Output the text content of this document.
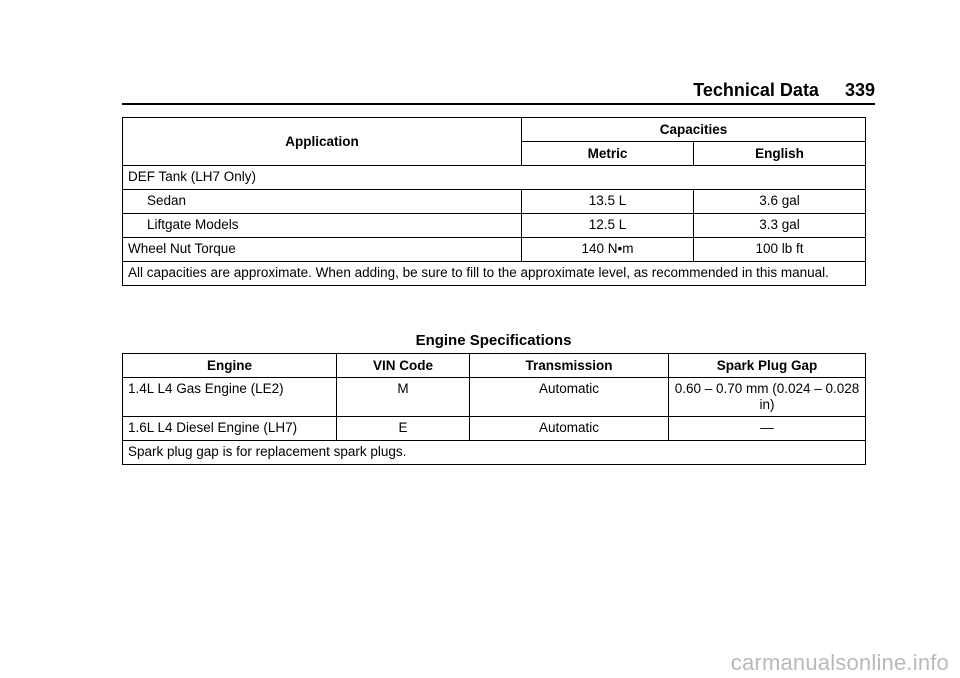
Technical Data 339
Application	Capacities	
	Metric	English
DEF Tank (LH7 Only)		
Sedan	13.5 L	3.6 gal
Liftgate Models	12.5 L	3.3 gal
Wheel Nut Torque	140 N•m	100 lb ft
All capacities are approximate. When adding, be sure to fill to the approximate level, as recommended in this manual.		
Engine Specifications
Engine	VIN Code	Transmission	Spark Plug Gap
1.4L L4 Gas Engine (LE2)	M	Automatic	0.60 – 0.70 mm (0.024 – 0.028 in)
1.6L L4 Diesel Engine (LH7)	E	Automatic	—
Spark plug gap is for replacement spark plugs.			
carmanualsonline.info
